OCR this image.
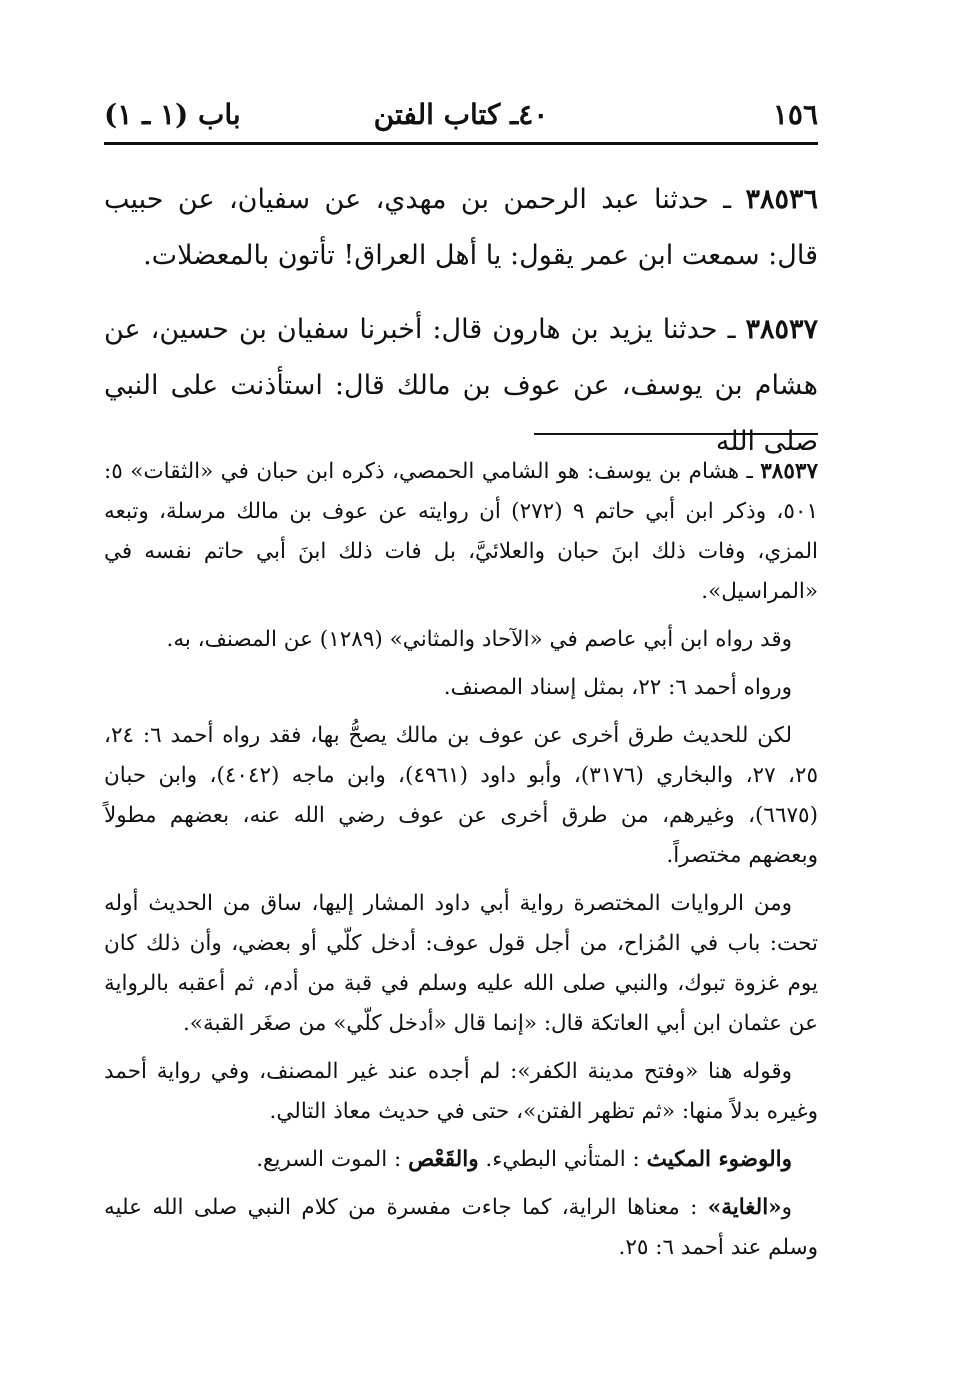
١٥٦
٤٠ـ كتاب الفتن
باب (١ ـ ١)

٣٨٥٣٦ ـ حدثنا عبد الرحمن بن مهدي، عن سفيان، عن حبيب قال: سمعت ابن عمر يقول: يا أهل العراق! تأتون بالمعضلات.

٣٨٥٣٧ ـ حدثنا يزيد بن هارون قال: أخبرنا سفيان بن حسين، عن هشام بن يوسف، عن عوف بن مالك قال: استأذنت على النبي صلى الله

٣٨٥٣٧ ـ هشام بن يوسف: هو الشامي الحمصي، ذكره ابن حبان في «الثقات» ٥: ٥٠١، وذكر ابن أبي حاتم ٩ (٢٧٢) أن روايته عن عوف بن مالك مرسلة، وتبعه المزي، وفات ذلك ابنَ حبان والعلائيَّ، بل فات ذلك ابنَ أبي حاتم نفسه في «المراسيل».

وقد رواه ابن أبي عاصم في «الآحاد والمثاني» (١٢٨٩) عن المصنف، به.

ورواه أحمد ٦: ٢٢، بمثل إسناد المصنف.

لكن للحديث طرق أخرى عن عوف بن مالك يصحُّ بها، فقد رواه أحمد ٦: ٢٤، ٢٥، ٢٧، والبخاري (٣١٧٦)، وأبو داود (٤٩٦١)، وابن ماجه (٤٠٤٢)، وابن حبان (٦٦٧٥)، وغيرهم، من طرق أخرى عن عوف رضي الله عنه، بعضهم مطولاً وبعضهم مختصراً.

ومن الروايات المختصرة رواية أبي داود المشار إليها، ساق من الحديث أوله تحت: باب في المُزاح، من أجل قول عوف: أدخل كلّي أو بعضي، وأن ذلك كان يوم غزوة تبوك، والنبي صلى الله عليه وسلم في قبة من أدم، ثم أعقبه بالرواية عن عثمان ابن أبي العاتكة قال: «إنما قال «أدخل كلّي» من صغَر القبة».

وقوله هنا «وفتح مدينة الكفر»: لم أجده عند غير المصنف، وفي رواية أحمد وغيره بدلاً منها: «ثم تظهر الفتن»، حتى في حديث معاذ التالي.

والوضوء المكيث : المتأني البطيء. والقَعْص : الموت السريع.

و«الغاية» : معناها الراية، كما جاءت مفسرة من كلام النبي صلى الله عليه وسلم عند أحمد ٦: ٢٥.
